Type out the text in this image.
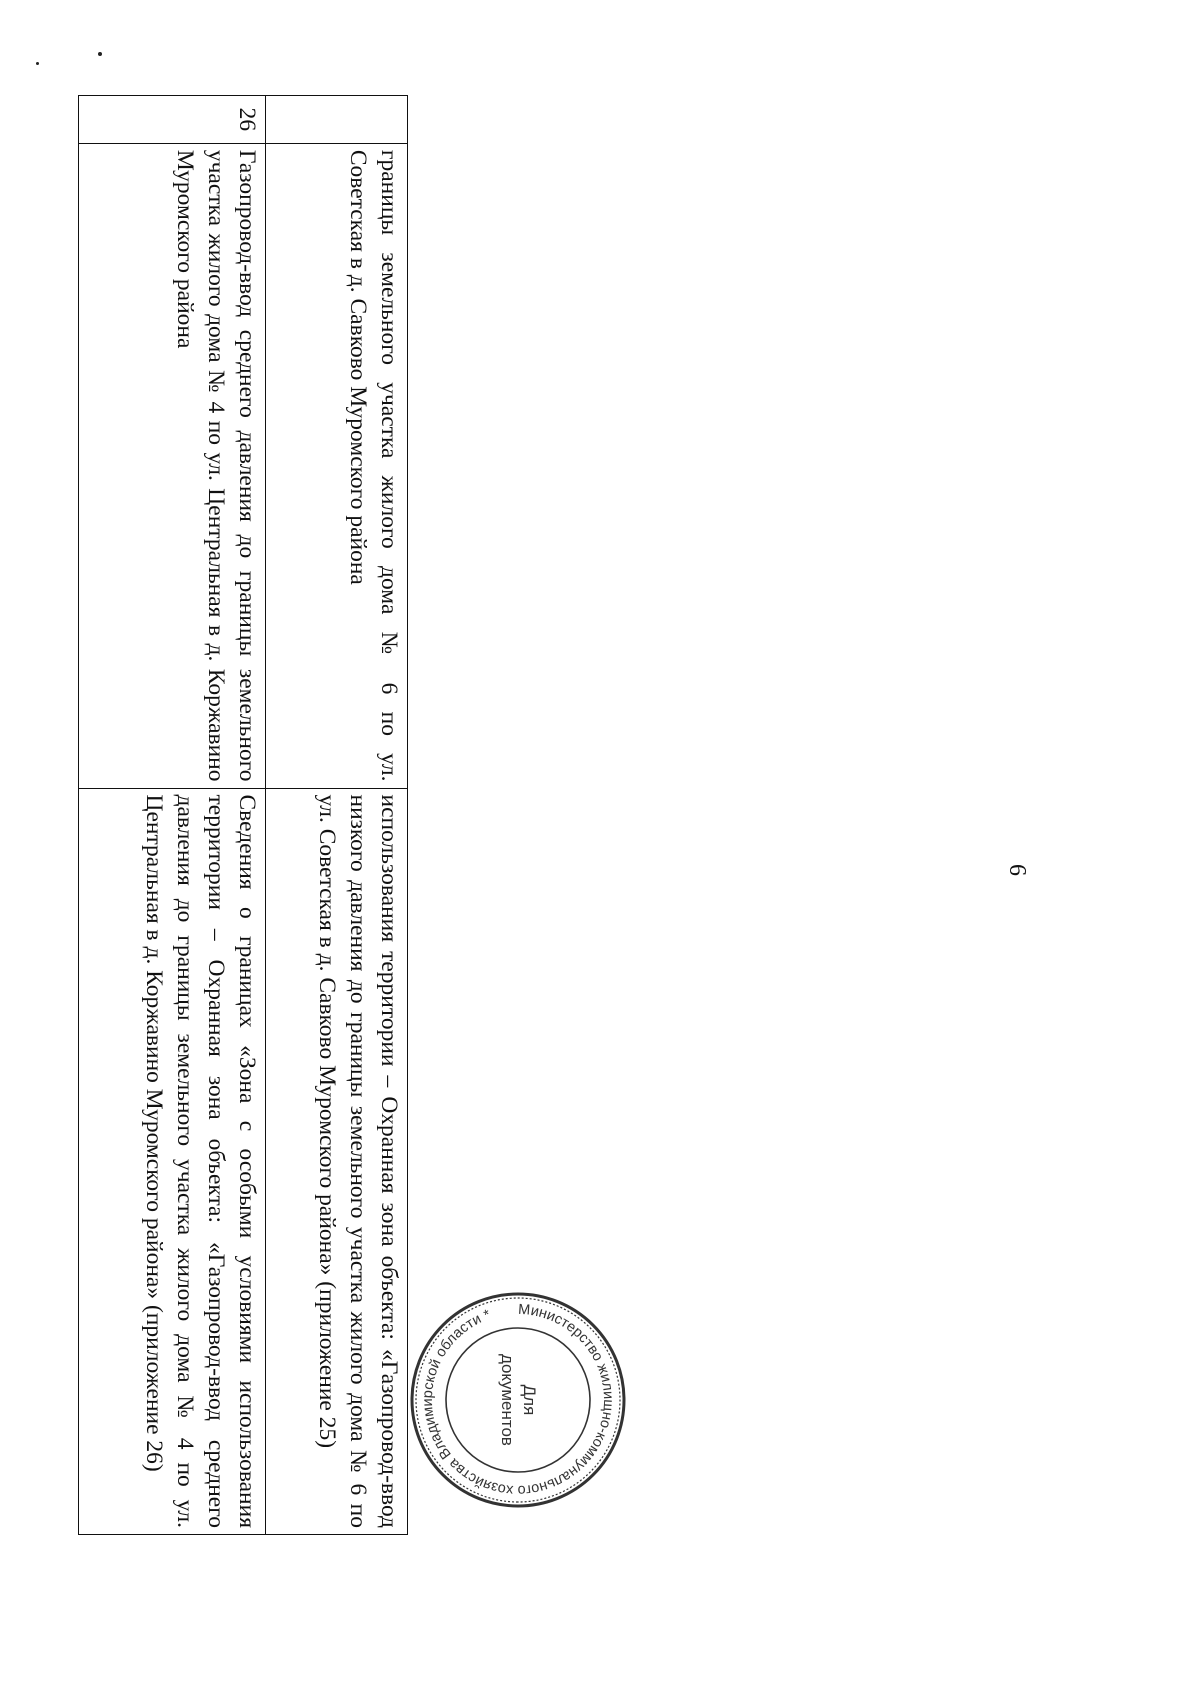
6
	границы земельного участка жилого дома № 6 по ул. Советская в д. Савково Муромского района	использования территории – Охранная зона объекта: «Газопровод-ввод низкого давления до границы земельного участка жилого дома № 6 по ул. Советская в д. Савково Муромского района» (приложение 25)
26	Газопровод-ввод среднего давления до границы земельного участка жилого дома № 4 по ул. Центральная в д. Коржавино Муромского района	Сведения о границах «Зона с особыми условиями использования территории – Охранная зона объекта: «Газопровод-ввод среднего давления до границы земельного участка жилого дома № 4 по ул. Центральная в д. Коржавино Муромского района» (приложение 26)	Министерство жилищно-коммунального хозяйства Владимирской области *
Для
документов
